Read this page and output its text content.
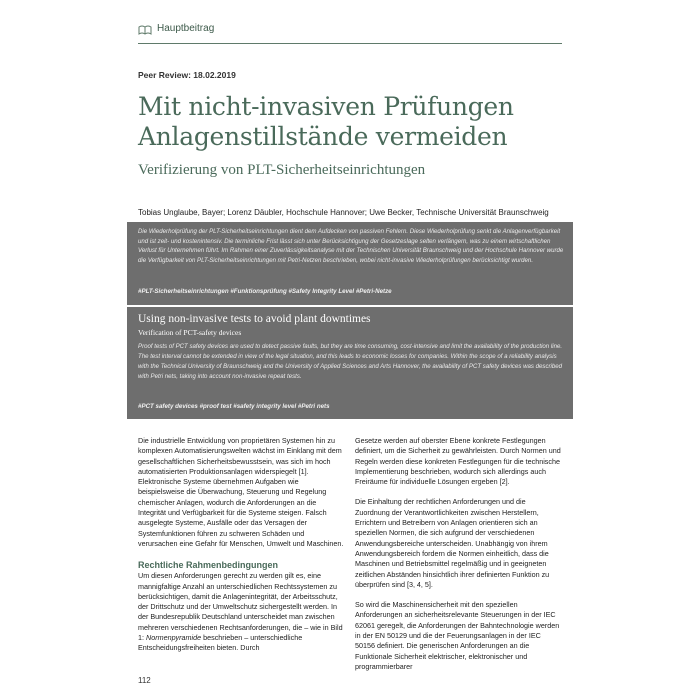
Hauptbeitrag
Peer Review: 18.02.2019
Mit nicht-invasiven Prüfungen
Anlagenstillstände vermeiden
Verifizierung von PLT-Sicherheitseinrichtungen
Tobias Unglaube, Bayer; Lorenz Däubler, Hochschule Hannover; Uwe Becker, Technische Universität Braunschweig

Die Wiederholprüfung der PLT-Sicherheitseinrichtungen dient dem Aufdecken von passiven Fehlern. Diese Wiederholprüfung senkt die Anlagenverfügbarkeit und ist zeit- und kostenintensiv. Die terminliche Frist lässt sich unter Berücksichtigung der Gesetzeslage selten verlängern, was zu einem wirtschaftlichen Verlust für Unternehmen führt. Im Rahmen einer Zuverlässigkeitsanalyse mit der Technischen Universität Braunschweig und der Hochschule Hannover wurde die Verfügbarkeit von PLT-Sicherheitseinrichtungen mit Petri-Netzen beschrieben, wobei nicht-invasive Wiederholprüfungen berücksichtigt wurden.

#PLT-Sicherheitseinrichtungen #Funktionsprüfung #Safety Integrity Level #Petri-Netze

Using non-invasive tests to avoid plant downtimes

Verification of PCT-safety devices

Proof tests of PCT safety devices are used to detect passive faults, but they are time consuming, cost-intensive and limit the availability of the production line. The test interval cannot be extended in view of the legal situation, and this leads to economic losses for companies. Within the scope of a reliability analysis with the Technical University of Braunschweig and the University of Applied Sciences and Arts Hannover, the availability of PCT safety devices was described with Petri nets, taking into account non-invasive repeat tests.

#PCT safety devices #proof test #safety integrity level #Petri nets

Die industrielle Entwicklung von proprietären Systemen hin zu komplexen Automatisierungswelten wächst im Einklang mit dem gesellschaftlichen Sicherheitsbewusstsein, was sich im hoch automatisierten Produktionsanlagen widerspiegelt [1]. Elektronische Systeme übernehmen Aufgaben wie beispielsweise die Überwachung, Steuerung und Regelung chemischer Anlagen, wodurch die Anforderungen an die Integrität und Verfügbarkeit für die Systeme steigen. Falsch ausgelegte Systeme, Ausfälle oder das Versagen der Systemfunktionen führen zu schweren Schäden und verursachen eine Gefahr für Menschen, Umwelt und Maschinen.

Rechtliche Rahmenbedingungen

Um diesen Anforderungen gerecht zu werden gilt es, eine mannigfaltige Anzahl an unterschiedlichen Rechtssystemen zu berücksichtigen, damit die Anlagenintegrität, der Arbeitsschutz, der Drittschutz und der Umweltschutz sichergestellt werden. In der Bundesrepublik Deutschland unterscheidet man zwischen mehreren verschiedenen Rechtsanforderungen, die – wie in Bild 1: Normenpyramide beschrieben – unterschiedliche Entscheidungsfreiheiten bieten. Durch

Gesetze werden auf oberster Ebene konkrete Festlegungen definiert, um die Sicherheit zu gewährleisten. Durch Normen und Regeln werden diese konkreten Festlegungen für die technische Implementierung beschrieben, wodurch sich allerdings auch Freiräume für individuelle Lösungen ergeben [2].

Die Einhaltung der rechtlichen Anforderungen und die Zuordnung der Verantwortlichkeiten zwischen Herstellern, Errichtern und Betreibern von Anlagen orientieren sich an speziellen Normen, die sich aufgrund der verschiedenen Anwendungsbereiche unterscheiden. Unabhängig von ihrem Anwendungsbereich fordern die Normen einheitlich, dass die Maschinen und Betriebsmittel regelmäßig und in geeigneten zeitlichen Abständen hinsichtlich ihrer definierten Funktion zu überprüfen sind [3, 4, 5].

So wird die Maschinensicherheit mit den speziellen Anforderungen an sicherheitsrelevante Steuerungen in der IEC 62061 geregelt, die Anforderungen der Bahntechnologie werden in der EN 50129 und die der Feuerungsanlagen in der IEC 50156 definiert. Die generischen Anforderungen an die Funktionale Sicherheit elektrischer, elektronischer und programmierbarer

112
